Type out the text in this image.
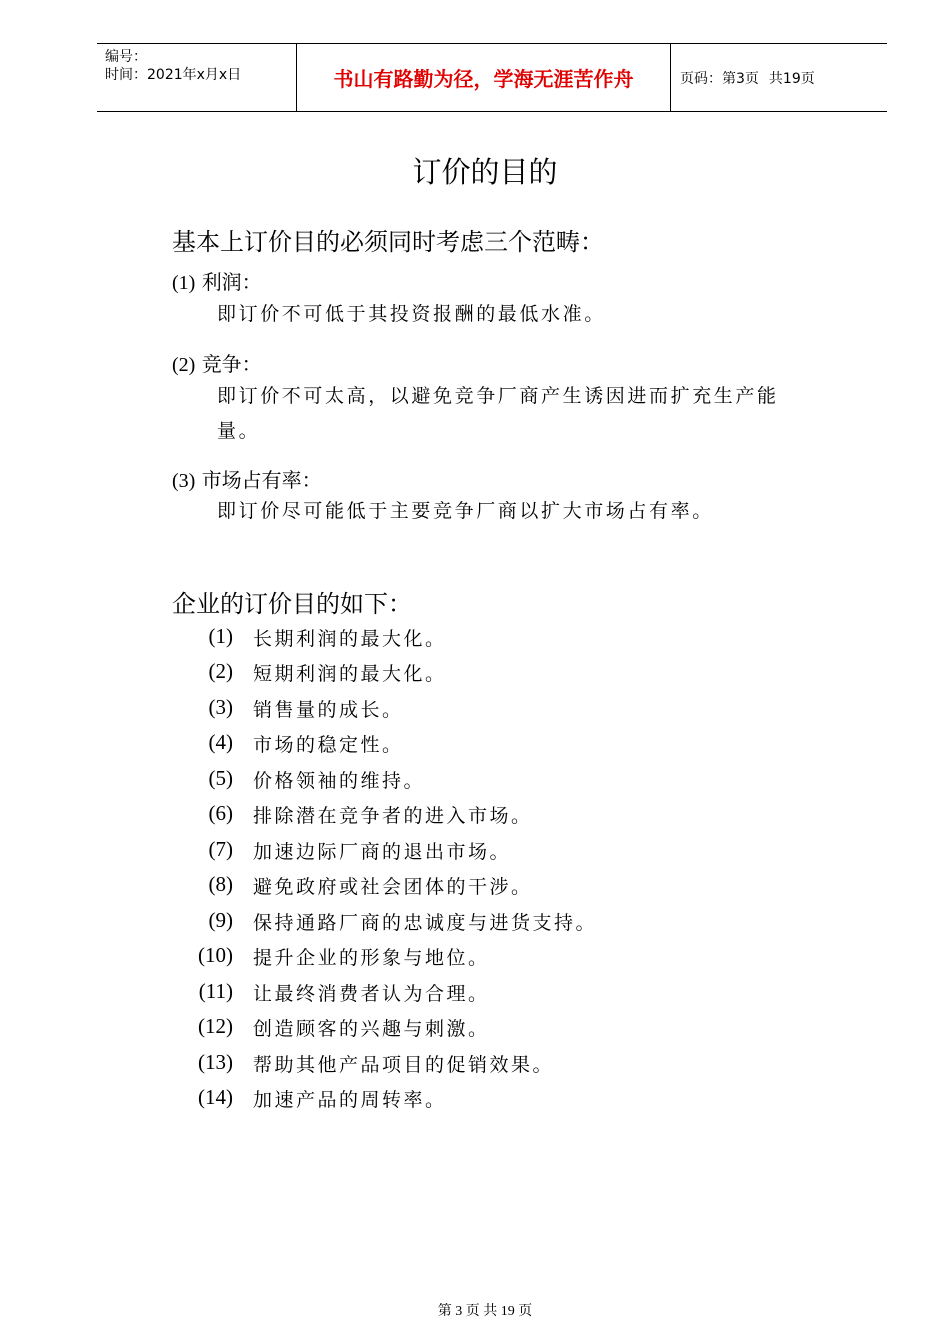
编号：
时间：2021年x月x日	书山有路勤为径，学海无涯苦作舟	页码：第3页 共19页
订价的目的
基本上订价目的必须同时考虑三个范畴：
(1) 利润：
即订价不可低于其投资报酬的最低水准。
(2) 竞争：
即订价不可太高，以避免竞争厂商产生诱因进而扩充生产能量。
(3) 市场占有率：
即订价尽可能低于主要竞争厂商以扩大市场占有率。
企业的订价目的如下：
(1) 长期利润的最大化。
(2) 短期利润的最大化。
(3) 销售量的成长。
(4) 市场的稳定性。
(5) 价格领袖的维持。
(6) 排除潜在竞争者的进入市场。
(7) 加速边际厂商的退出市场。
(8) 避免政府或社会团体的干涉。
(9) 保持通路厂商的忠诚度与进货支持。
(10) 提升企业的形象与地位。
(11) 让最终消费者认为合理。
(12) 创造顾客的兴趣与刺激。
(13) 帮助其他产品项目的促销效果。
(14) 加速产品的周转率。
第 3 页 共 19 页
